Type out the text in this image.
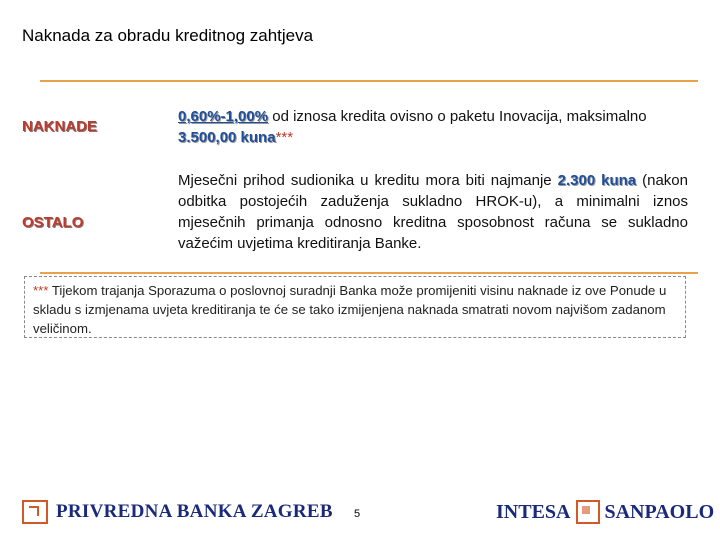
Naknada za obradu kreditnog zahtjeva
NAKNADE
0,60%-1,00% od iznosa kredita ovisno o paketu Inovacija, maksimalno 3.500,00 kuna***
OSTALO
Mjesečni prihod sudionika u kreditu mora biti najmanje 2.300 kuna (nakon odbitka postojećih zaduženja sukladno HROK-u), a minimalni iznos mjesečnih primanja odnosno kreditna sposobnost računa se sukladno važećim uvjetima kreditiranja Banke.
*** Tijekom trajanja Sporazuma o poslovnoj suradnji Banka može promijeniti visinu naknade iz ove Ponude u skladu s izmjenama uvjeta kreditiranja te će se tako izmijenjena naknada smatrati novom najvišom zadanom veličinom.
PRIVREDNA BANKA ZAGREB 5	INTESA SANPAOLO
